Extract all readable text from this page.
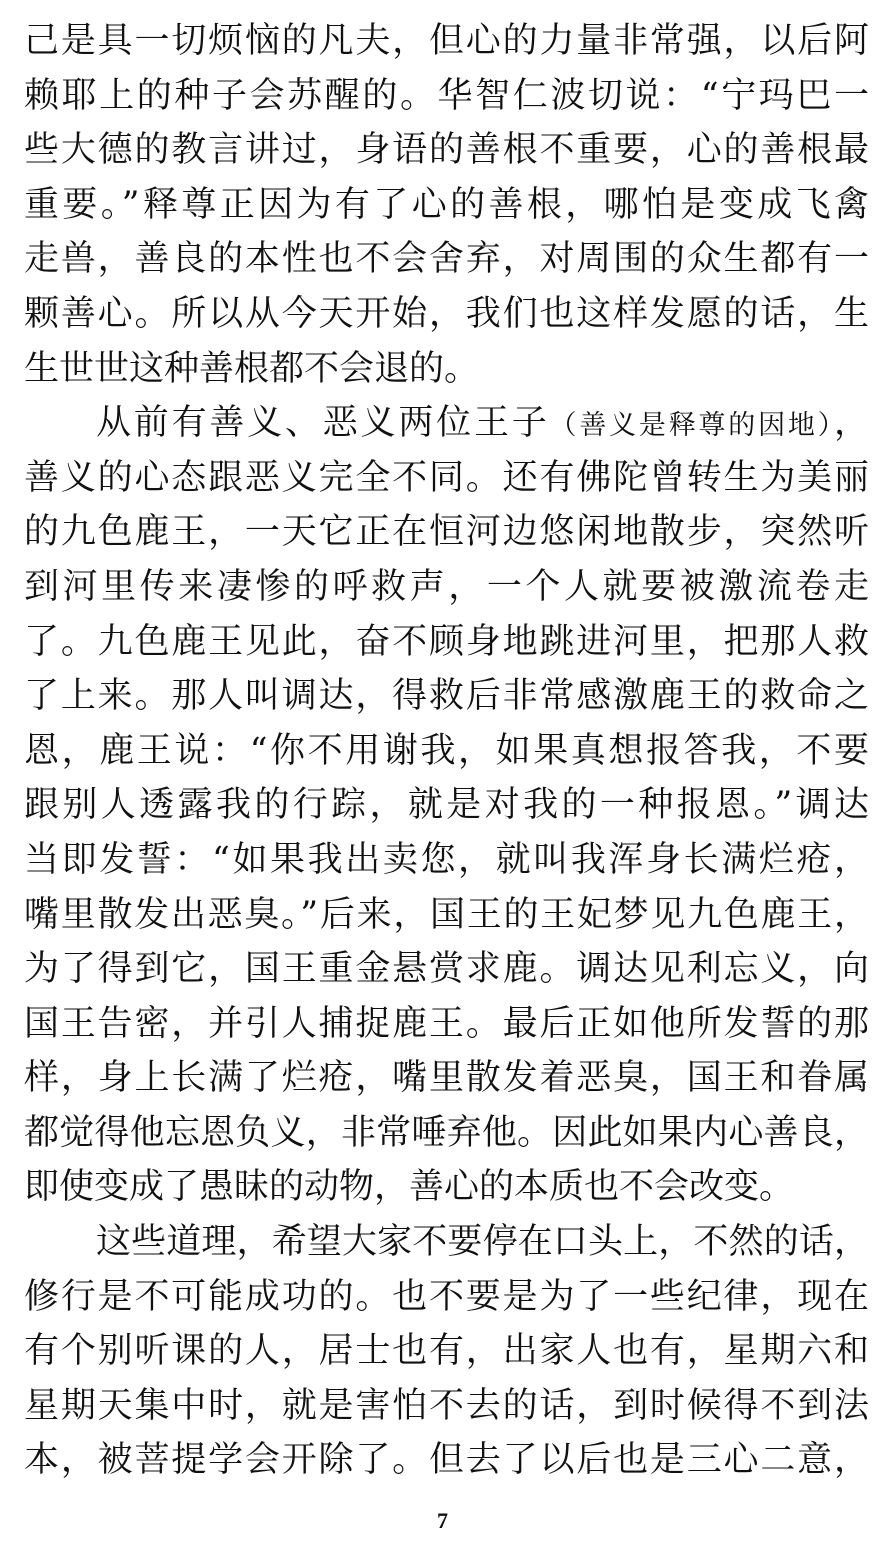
己是具一切烦恼的凡夫，但心的力量非常强，以后阿
赖耶上的种子会苏醒的。华智仁波切说：“宁玛巴一
些大德的教言讲过，身语的善根不重要，心的善根最
重要。”释尊正因为有了心的善根，哪怕是变成飞禽
走兽，善良的本性也不会舍弃，对周围的众生都有一
颗善心。所以从今天开始，我们也这样发愿的话，生
生世世这种善根都不会退的。
从前有善义、恶义两位王子（善义是释尊的因地），
善义的心态跟恶义完全不同。还有佛陀曾转生为美丽
的九色鹿王，一天它正在恒河边悠闲地散步，突然听
到河里传来凄惨的呼救声，一个人就要被激流卷走
了。九色鹿王见此，奋不顾身地跳进河里，把那人救
了上来。那人叫调达，得救后非常感激鹿王的救命之
恩，鹿王说：“你不用谢我，如果真想报答我，不要
跟别人透露我的行踪，就是对我的一种报恩。”调达
当即发誓：“如果我出卖您，就叫我浑身长满烂疮，
嘴里散发出恶臭。”后来，国王的王妃梦见九色鹿王，
为了得到它，国王重金悬赏求鹿。调达见利忘义，向
国王告密，并引人捕捉鹿王。最后正如他所发誓的那
样，身上长满了烂疮，嘴里散发着恶臭，国王和眷属
都觉得他忘恩负义，非常唾弃他。因此如果内心善良，
即使变成了愚昧的动物，善心的本质也不会改变。
这些道理，希望大家不要停在口头上，不然的话，
修行是不可能成功的。也不要是为了一些纪律，现在
有个别听课的人，居士也有，出家人也有，星期六和
星期天集中时，就是害怕不去的话，到时候得不到法
本，被菩提学会开除了。但去了以后也是三心二意，
7
